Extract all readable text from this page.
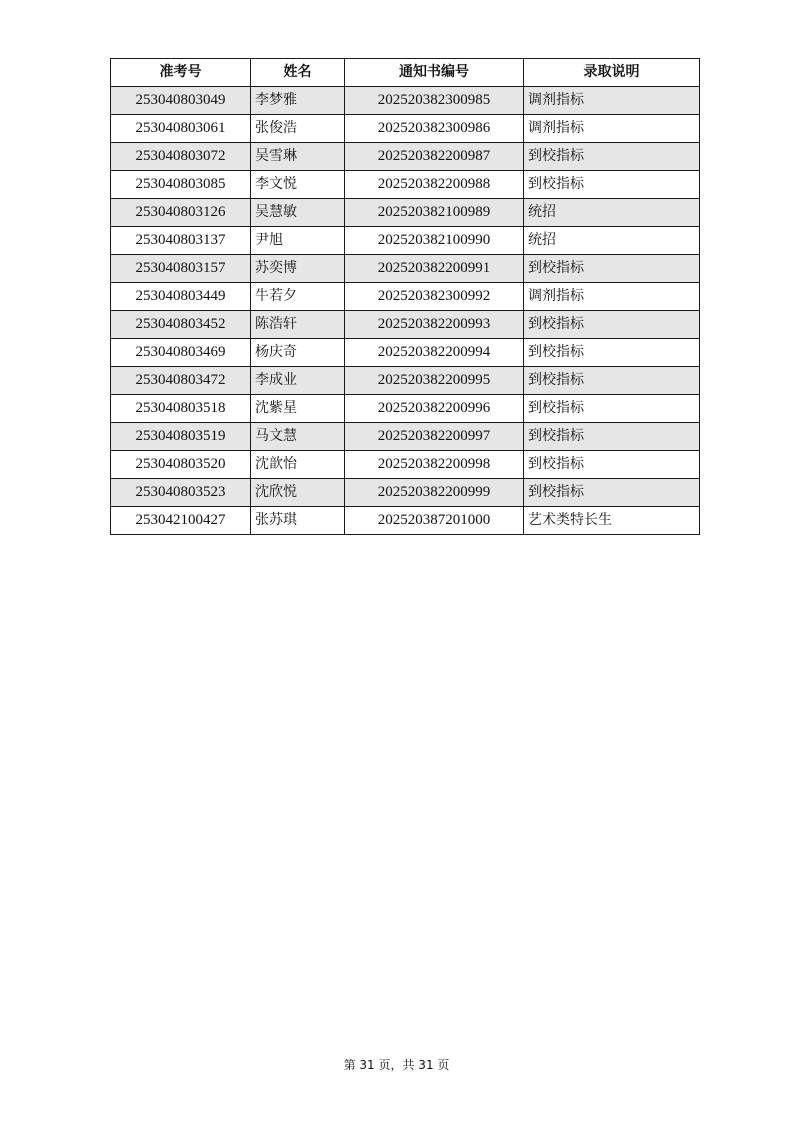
准考号	姓名	通知书编号	录取说明
253040803049	李梦雅	202520382300985	调剂指标
253040803061	张俊浩	202520382300986	调剂指标
253040803072	吴雪琳	202520382200987	到校指标
253040803085	李文悦	202520382200988	到校指标
253040803126	吴慧敏	202520382100989	统招
253040803137	尹旭	202520382100990	统招
253040803157	苏奕博	202520382200991	到校指标
253040803449	牛若夕	202520382300992	调剂指标
253040803452	陈浩轩	202520382200993	到校指标
253040803469	杨庆奇	202520382200994	到校指标
253040803472	李成业	202520382200995	到校指标
253040803518	沈紫星	202520382200996	到校指标
253040803519	马文慧	202520382200997	到校指标
253040803520	沈歆怡	202520382200998	到校指标
253040803523	沈欣悦	202520382200999	到校指标
253042100427	张苏琪	202520387201000	艺术类特长生
第 31 页，共 31 页
